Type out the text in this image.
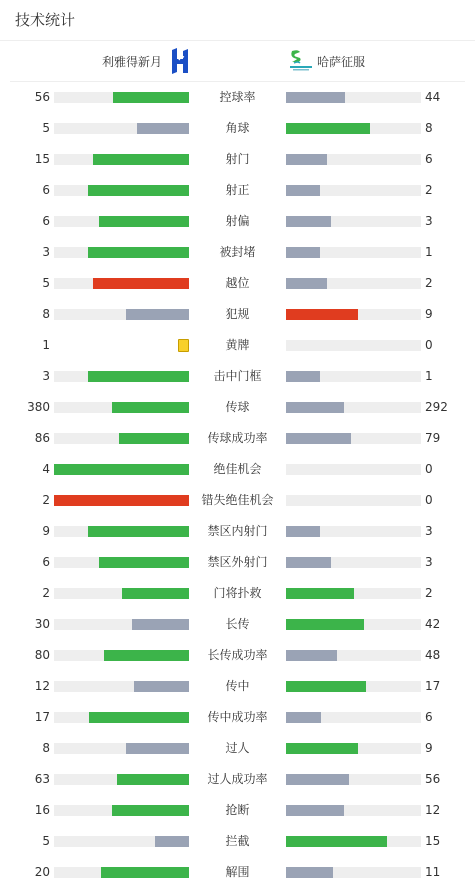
技术统计
利雅得新月	哈萨征服
56	控球率	44
5	角球	8
15	射门	6
6	射正	2
6	射偏	3
3	被封堵	1
5	越位	2
8	犯规	9
1	黄牌	0
3	击中门框	1
380	传球	292
86	传球成功率	79
4	绝佳机会	0
2	错失绝佳机会	0
9	禁区内射门	3
6	禁区外射门	3
2	门将扑救	2
30	长传	42
80	长传成功率	48
12	传中	17
17	传中成功率	6
8	过人	9
63	过人成功率	56
16	抢断	12
5	拦截	15
20	解围	11
